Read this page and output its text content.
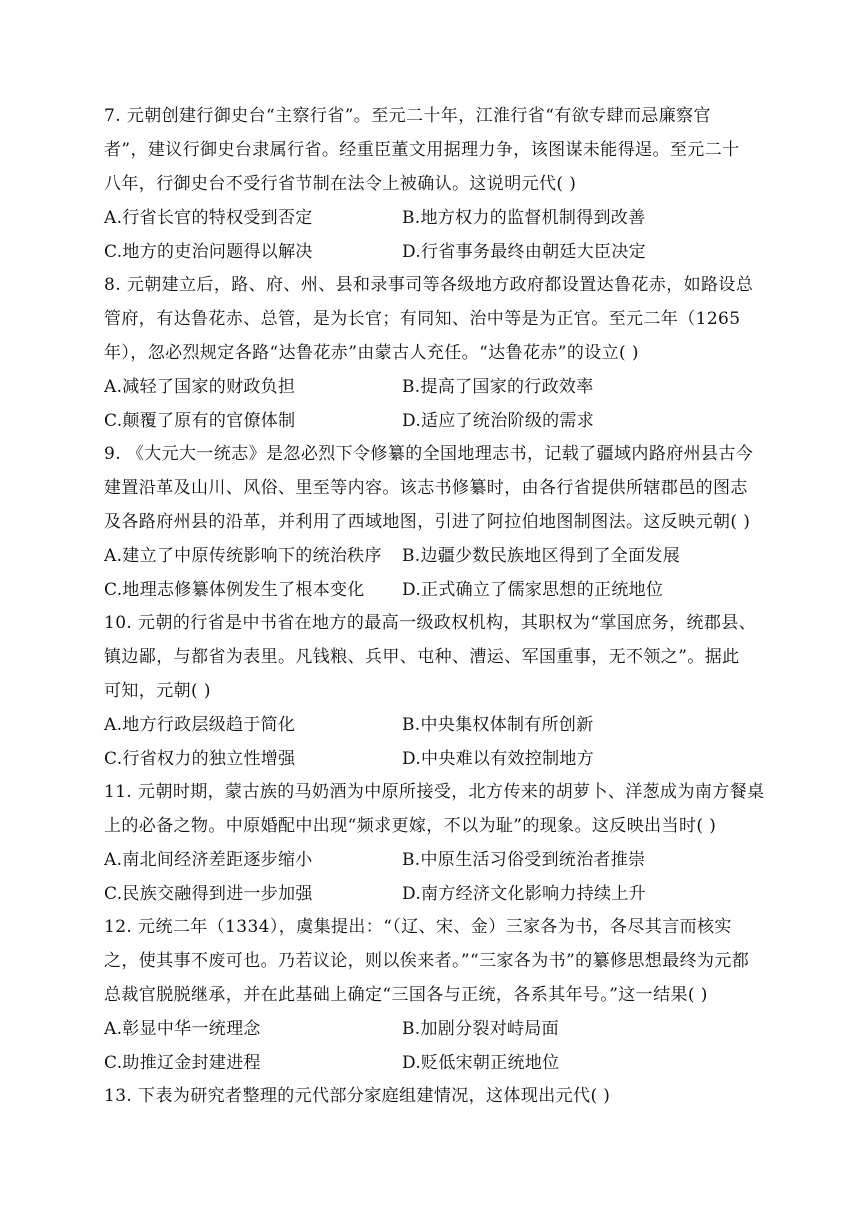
7. 元朝创建行御史台“主察行省”。至元二十年，江淮行省“有欲专肆而忌廉察官
者”，建议行御史台隶属行省。经重臣董文用据理力争，该图谋未能得逞。至元二十
八年，行御史台不受行省节制在法令上被确认。这说明元代( )
A.行省长官的特权受到否定	B.地方权力的监督机制得到改善
C.地方的吏治问题得以解决	D.行省事务最终由朝廷大臣决定
8. 元朝建立后，路、府、州、县和录事司等各级地方政府都设置达鲁花赤，如路设总
管府，有达鲁花赤、总管，是为长官；有同知、治中等是为正官。至元二年（1265
年），忽必烈规定各路“达鲁花赤”由蒙古人充任。“达鲁花赤”的设立( )
A.减轻了国家的财政负担	B.提高了国家的行政效率
C.颠覆了原有的官僚体制	D.适应了统治阶级的需求
9. 《大元大一统志》是忽必烈下令修纂的全国地理志书，记载了疆域内路府州县古今
建置沿革及山川、风俗、里至等内容。该志书修纂时，由各行省提供所辖郡邑的图志
及各路府州县的沿革，并利用了西域地图，引进了阿拉伯地图制图法。这反映元朝( )
A.建立了中原传统影响下的统治秩序 B.边疆少数民族地区得到了全面发展
C.地理志修纂体例发生了根本变化 D.正式确立了儒家思想的正统地位
10. 元朝的行省是中书省在地方的最高一级政权机构，其职权为“掌国庶务，统郡县、
镇边鄙，与都省为表里。凡钱粮、兵甲、屯种、漕运、军国重事，无不领之”。据此
可知，元朝( )
A.地方行政层级趋于简化	B.中央集权体制有所创新
C.行省权力的独立性增强	D.中央难以有效控制地方
11. 元朝时期，蒙古族的马奶酒为中原所接受，北方传来的胡萝卜、洋葱成为南方餐桌
上的必备之物。中原婚配中出现“频求更嫁，不以为耻”的现象。这反映出当时( )
A.南北间经济差距逐步缩小	B.中原生活习俗受到统治者推崇
C.民族交融得到进一步加强	D.南方经济文化影响力持续上升
12. 元统二年（1334），虞集提出：“（辽、宋、金）三家各为书，各尽其言而核实
之，使其事不废可也。乃若议论，则以俟来者。”“三家各为书”的纂修思想最终为元都
总裁官脱脱继承，并在此基础上确定“三国各与正统，各系其年号。”这一结果( )
A.彰显中华一统理念	B.加剧分裂对峙局面
C.助推辽金封建进程	D.贬低宋朝正统地位
13. 下表为研究者整理的元代部分家庭组建情况，这体现出元代( )
